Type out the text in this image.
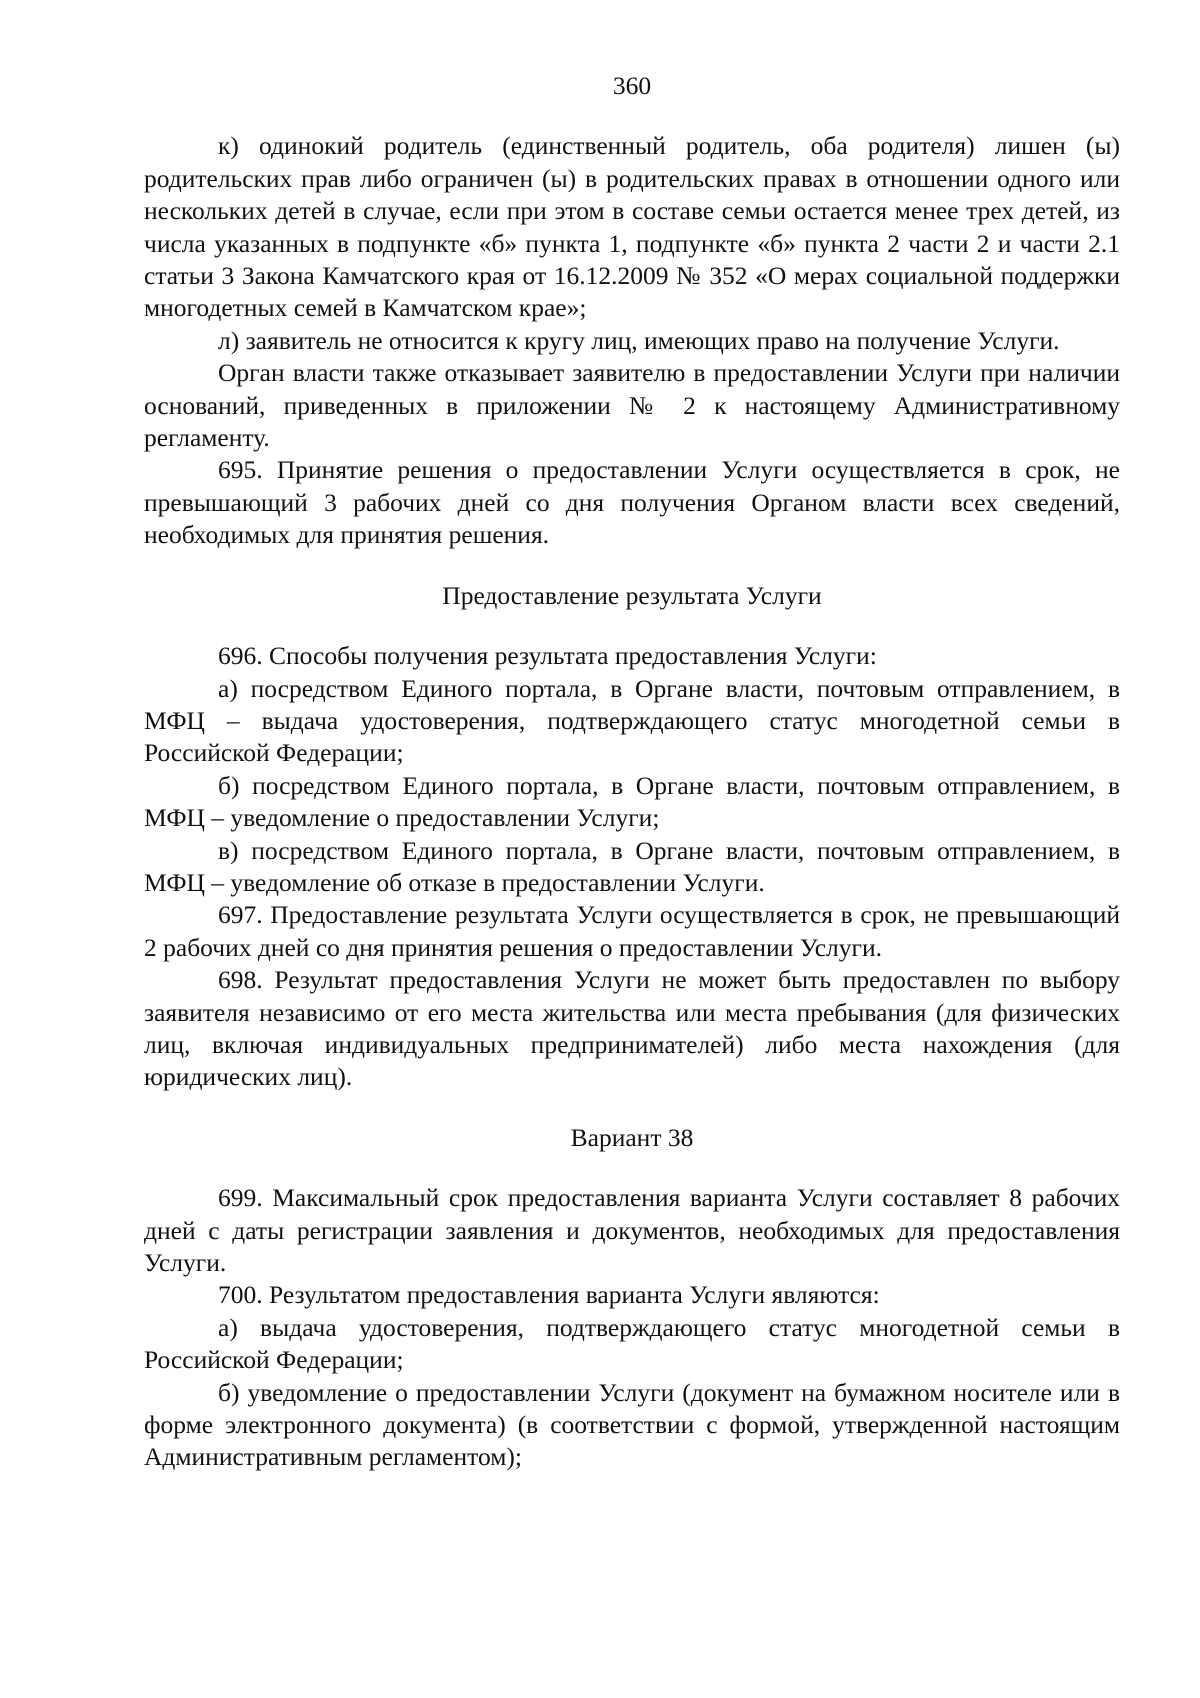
360

к) одинокий родитель (единственный родитель, оба родителя) лишен (ы) родительских прав либо ограничен (ы) в родительских правах в отношении одного или нескольких детей в случае, если при этом в составе семьи остается менее трех детей, из числа указанных в подпункте «б» пункта 1, подпункте «б» пункта 2 части 2 и части 2.1 статьи 3 Закона Камчатского края от 16.12.2009 № 352 «О мерах социальной поддержки многодетных семей в Камчатском крае»;

л) заявитель не относится к кругу лиц, имеющих право на получение Услуги.

Орган власти также отказывает заявителю в предоставлении Услуги при наличии оснований, приведенных в приложении № 2 к настоящему Административному регламенту.

695. Принятие решения о предоставлении Услуги осуществляется в срок, не превышающий 3 рабочих дней со дня получения Органом власти всех сведений, необходимых для принятия решения.

Предоставление результата Услуги

696. Способы получения результата предоставления Услуги:

а) посредством Единого портала, в Органе власти, почтовым отправлением, в МФЦ – выдача удостоверения, подтверждающего статус многодетной семьи в Российской Федерации;

б) посредством Единого портала, в Органе власти, почтовым отправлением, в МФЦ – уведомление о предоставлении Услуги;

в) посредством Единого портала, в Органе власти, почтовым отправлением, в МФЦ – уведомление об отказе в предоставлении Услуги.

697. Предоставление результата Услуги осуществляется в срок, не превышающий 2 рабочих дней со дня принятия решения о предоставлении Услуги.

698. Результат предоставления Услуги не может быть предоставлен по выбору заявителя независимо от его места жительства или места пребывания (для физических лиц, включая индивидуальных предпринимателей) либо места нахождения (для юридических лиц).

Вариант 38

699. Максимальный срок предоставления варианта Услуги составляет 8 рабочих дней с даты регистрации заявления и документов, необходимых для предоставления Услуги.

700. Результатом предоставления варианта Услуги являются:

а) выдача удостоверения, подтверждающего статус многодетной семьи в Российской Федерации;

б) уведомление о предоставлении Услуги (документ на бумажном носителе или в форме электронного документа) (в соответствии с формой, утвержденной настоящим Административным регламентом);
